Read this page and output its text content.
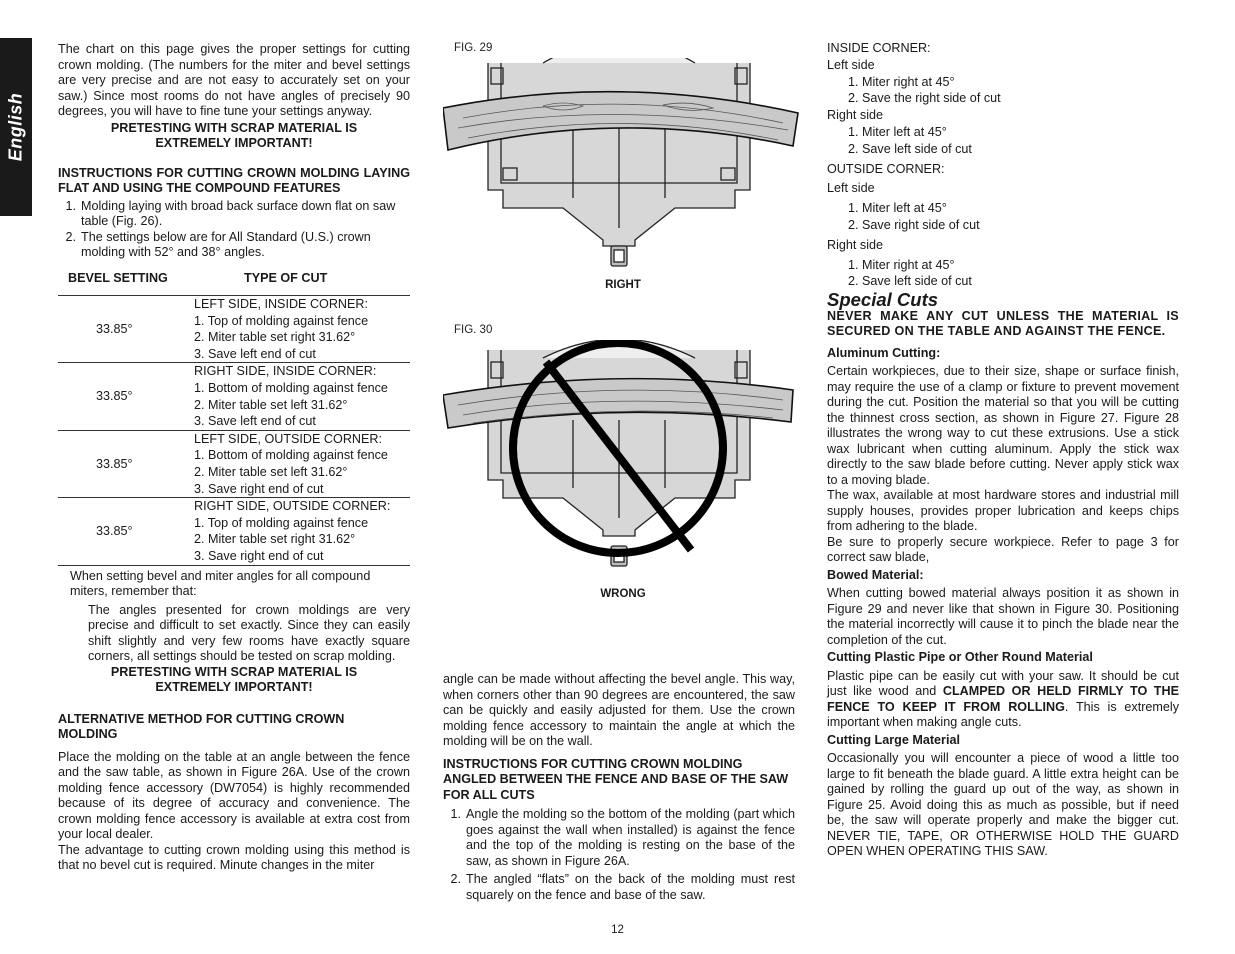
English

The chart on this page gives the proper settings for cutting crown molding. (The numbers for the miter and bevel settings are very precise and are not easy to accurately set on your saw.) Since most rooms do not have angles of precisely 90 degrees, you will have to fine tune your settings anyway.

PRETESTING WITH SCRAP MATERIAL IS EXTREMELY IMPORTANT!

INSTRUCTIONS FOR CUTTING CROWN MOLDING LAYING FLAT AND USING THE COMPOUND FEATURES

1. Molding laying with broad back surface down flat on saw table (Fig. 26).
2. The settings below are for All Standard (U.S.) crown molding with 52° and 38° angles.
BEVEL SETTING	TYPE OF CUT
33.85°	LEFT SIDE, INSIDE CORNER:
1. Top of molding against fence
2. Miter table set right 31.62°
3. Save left end of cut

33.85°	RIGHT SIDE, INSIDE CORNER:
1. Bottom of molding against fence
2. Miter table set left 31.62°
3. Save left end of cut

33.85°	LEFT SIDE, OUTSIDE CORNER:
1. Bottom of molding against fence
2. Miter table set left 31.62°
3. Save right end of cut

33.85°	RIGHT SIDE, OUTSIDE CORNER:
1. Top of molding against fence
2. Miter table set right 31.62°
3. Save right end of cut

When setting bevel and miter angles for all compound miters, remember that:

The angles presented for crown moldings are very precise and difficult to set exactly. Since they can easily shift slightly and very few rooms have exactly square corners, all settings should be tested on scrap molding.

PRETESTING WITH SCRAP MATERIAL IS EXTREMELY IMPORTANT!

ALTERNATIVE METHOD FOR CUTTING CROWN MOLDING

Place the molding on the table at an angle between the fence and the saw table, as shown in Figure 26A. Use of the crown molding fence accessory (DW7054) is highly recommended because of its degree of accuracy and convenience. The crown molding fence accessory is available at extra cost from your local dealer.

The advantage to cutting crown molding using this method is that no bevel cut is required. Minute changes in the miter

FIG. 29
RIGHT
FIG. 30
WRONG

angle can be made without affecting the bevel angle. This way, when corners other than 90 degrees are encountered, the saw can be quickly and easily adjusted for them. Use the crown molding fence accessory to maintain the angle at which the molding will be on the wall.

INSTRUCTIONS FOR CUTTING CROWN MOLDING ANGLED BETWEEN THE FENCE AND BASE OF THE SAW FOR ALL CUTS

1. Angle the molding so the bottom of the molding (part which goes against the wall when installed) is against the fence and the top of the molding is resting on the base of the saw, as shown in Figure 26A.
2. The angled “flats” on the back of the molding must rest squarely on the fence and base of the saw.

INSIDE CORNER:

Left side

1. Miter right at 45°

2. Save the right side of cut

Right side

1. Miter left at 45°

2. Save left side of cut

OUTSIDE CORNER:

Left side

1. Miter left at 45°

2. Save right side of cut

Right side

1. Miter right at 45°

2. Save left side of cut

Special Cuts

NEVER MAKE ANY CUT UNLESS THE MATERIAL IS SECURED ON THE TABLE AND AGAINST THE FENCE.

Aluminum Cutting:

Certain workpieces, due to their size, shape or surface finish, may require the use of a clamp or fixture to prevent movement during the cut. Position the material so that you will be cutting the thinnest cross section, as shown in Figure 27. Figure 28 illustrates the wrong way to cut these extrusions. Use a stick wax lubricant when cutting aluminum. Apply the stick wax directly to the saw blade before cutting. Never apply stick wax to a moving blade.

The wax, available at most hardware stores and industrial mill supply houses, provides proper lubrication and keeps chips from adhering to the blade.

Be sure to properly secure workpiece. Refer to page 3 for correct saw blade,

Bowed Material:

When cutting bowed material always position it as shown in Figure 29 and never like that shown in Figure 30. Positioning the material incorrectly will cause it to pinch the blade near the completion of the cut.

Cutting Plastic Pipe or Other Round Material

Plastic pipe can be easily cut with your saw. It should be cut just like wood and CLAMPED OR HELD FIRMLY TO THE FENCE TO KEEP IT FROM ROLLING. This is extremely important when making angle cuts.

Cutting Large Material

Occasionally you will encounter a piece of wood a little too large to fit beneath the blade guard. A little extra height can be gained by rolling the guard up out of the way, as shown in Figure 25. Avoid doing this as much as possible, but if need be, the saw will operate properly and make the bigger cut. NEVER TIE, TAPE, OR OTHERWISE HOLD THE GUARD OPEN WHEN OPERATING THIS SAW.

12
